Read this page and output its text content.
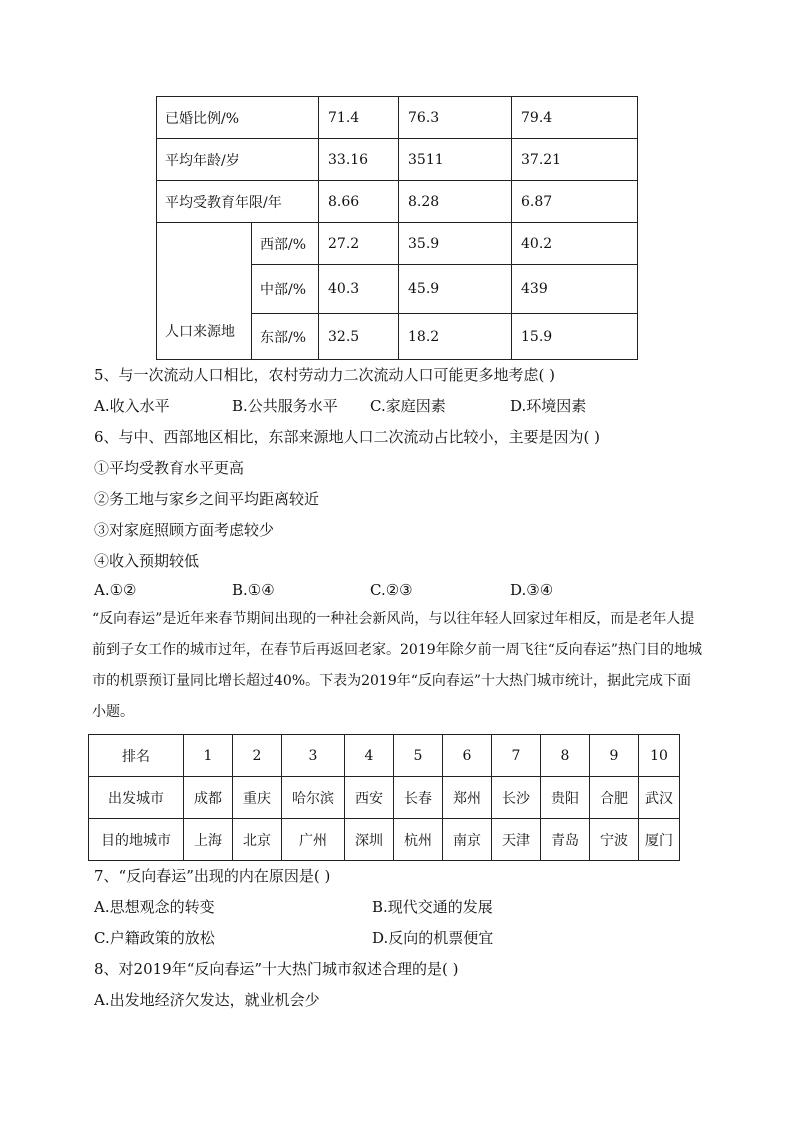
已婚比例/%		71.4	76.3	79.4
平均年龄/岁		33.16	3511	37.21
平均受教育年限/年		8.66	8.28	6.87
人口来源地	西部/%	27.2	35.9	40.2
	中部/%	40.3	45.9	439
	东部/%	32.5	18.2	15.9
5、与一次流动人口相比，农村劳动力二次流动人口可能更多地考虑( )
A.收入水平	B.公共服务水平 C.家庭因素	D.环境因素
6、与中、西部地区相比，东部来源地人口二次流动占比较小，主要是因为( )
①平均受教育水平更高
②务工地与家乡之间平均距离较近
③对家庭照顾方面考虑较少
④收入预期较低
A.①②	B.①④	C.②③	D.③④
“反向春运”是近年来春节期间出现的一种社会新风尚，与以往年轻人回家过年相反，而是老年人提前到子女工作的城市过年，在春节后再返回老家。2019年除夕前一周飞往“反向春运”热门目的地城市的机票预订量同比增长超过40%。下表为2019年“反向春运”十大热门城市统计，据此完成下面小题。
排名	1	2	3	4	5	6	7	8	9	10
出发城市	成都	重庆	哈尔滨	西安	长春	郑州	长沙	贵阳	合肥	武汉
目的地城市	上海	北京	广州	深圳	杭州	南京	天津	青岛	宁波	厦门
7、“反向春运”出现的内在原因是( )
A.思想观念的转变	B.现代交通的发展
C.户籍政策的放松	D.反向的机票便宜
8、对2019年“反向春运”十大热门城市叙述合理的是( )
A.出发地经济欠发达，就业机会少
